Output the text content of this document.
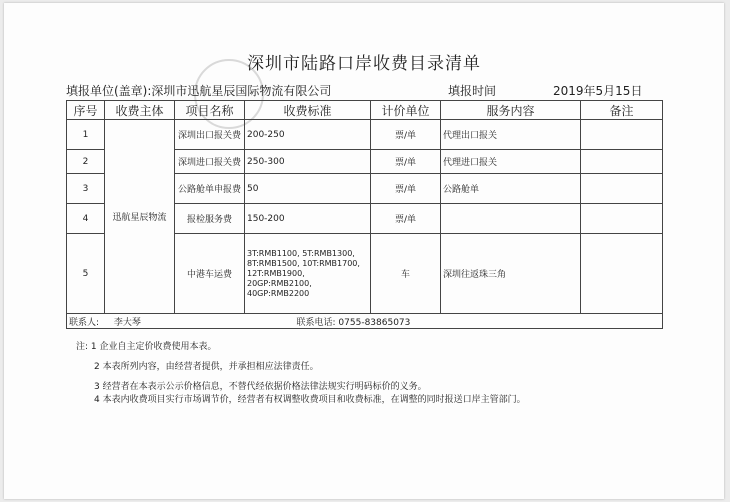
深圳市陆路口岸收费目录清单
填报单位(盖章):深圳市迅航星辰国际物流有限公司	填报时间	2019年5月15日
序号	收费主体	项目名称	收费标准	计价单位	服务内容	备注
1	迅航星辰物流	深圳出口报关费	200-250	票/单	代理出口报关	
2		深圳进口报关费	250-300	票/单	代理进口报关	
3		公路舱单申报费	50	票/单	公路舱单	
4		报检服务费	150-200	票/单		
5		中港车运费	3T:RMB1100, 5T:RMB1300, 8T:RMB1500, 10T:RMB1700, 12T:RMB1900, 20GP:RMB2100, 40GP:RMB2200	车	深圳往返珠三角	
联系人: 李大琴			联系电话: 0755-83865073			
注: 1 企业自主定价收费使用本表。
2 本表所列内容，由经营者提供，并承担相应法律责任。
3 经营者在本表示公示价格信息，不替代经依据价格法律法规实行明码标价的义务。
4 本表内收费项目实行市场调节价，经营者有权调整收费项目和收费标准，在调整的同时报送口岸主管部门。
